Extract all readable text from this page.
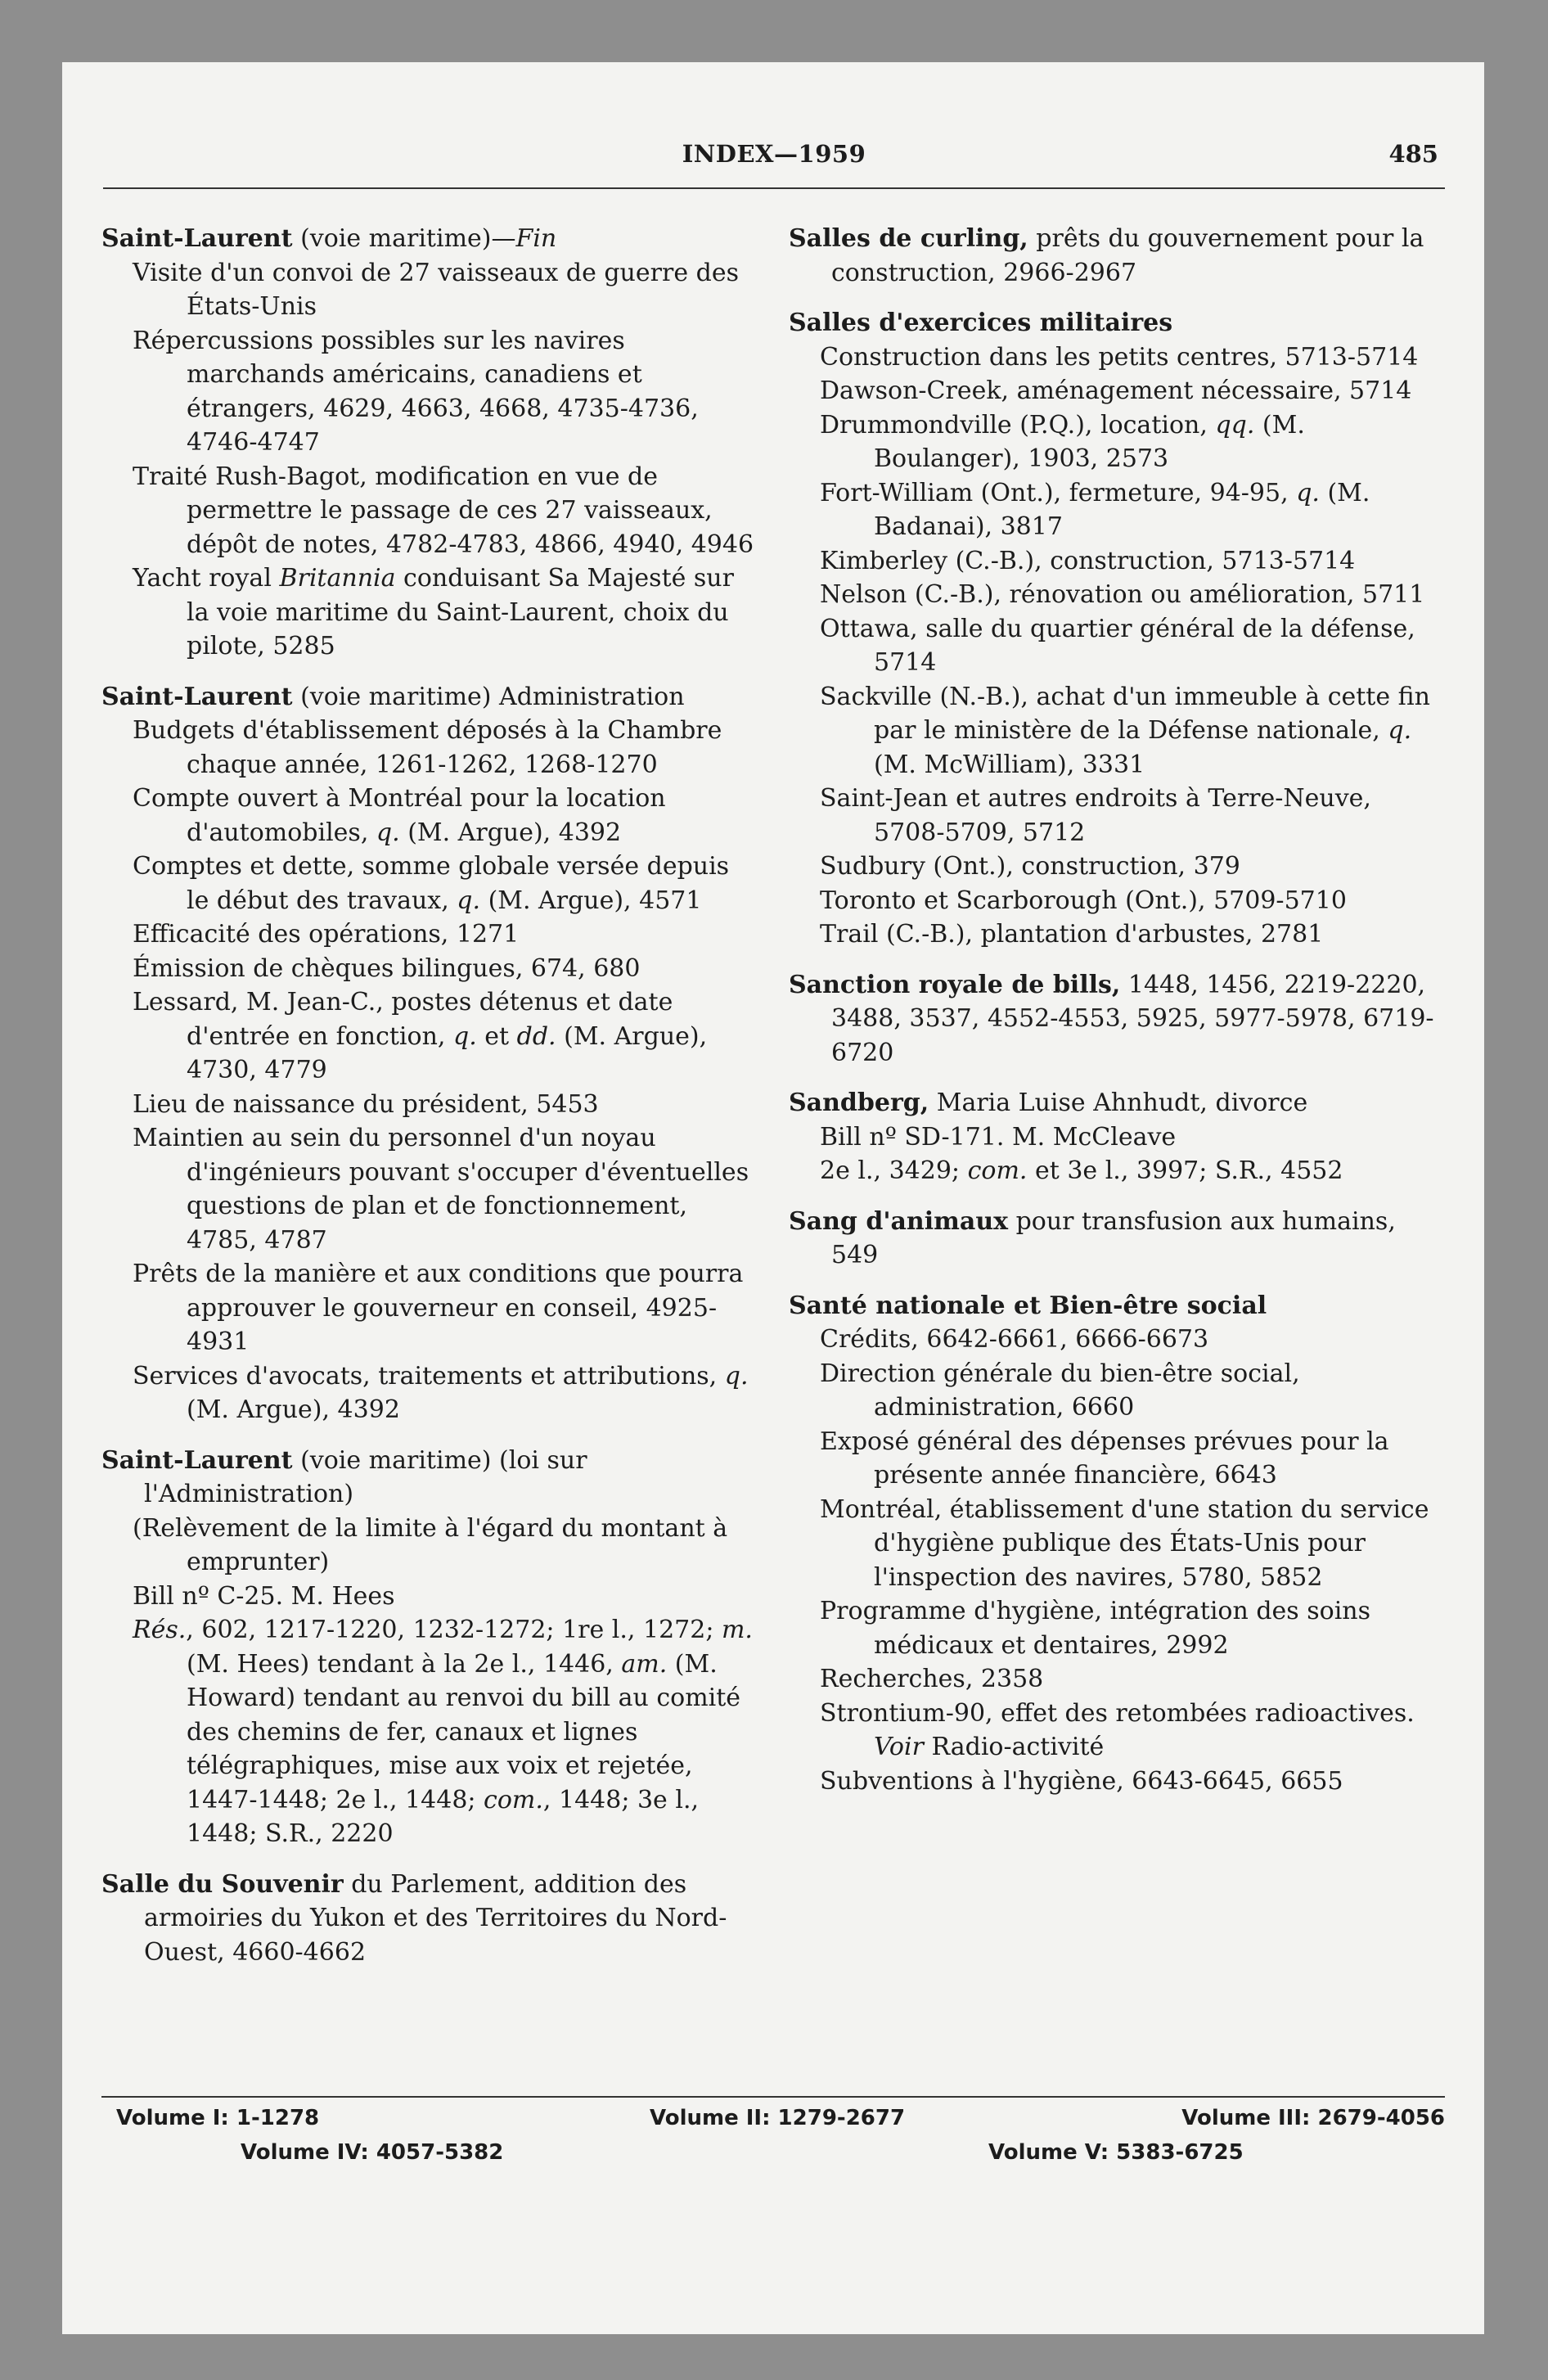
INDEX—1959	485

Saint-Laurent (voie maritime)—Fin

Visite d'un convoi de 27 vaisseaux de guerre des États-Unis

Répercussions possibles sur les navires marchands américains, canadiens et étrangers, 4629, 4663, 4668, 4735-4736, 4746-4747

Traité Rush-Bagot, modification en vue de permettre le passage de ces 27 vaisseaux, dépôt de notes, 4782-4783, 4866, 4940, 4946

Yacht royal Britannia conduisant Sa Majesté sur la voie maritime du Saint-Laurent, choix du pilote, 5285

Saint-Laurent (voie maritime) Administration

Budgets d'établissement déposés à la Chambre chaque année, 1261-1262, 1268-1270

Compte ouvert à Montréal pour la location d'automobiles, q. (M. Argue), 4392

Comptes et dette, somme globale versée depuis le début des travaux, q. (M. Argue), 4571

Efficacité des opérations, 1271

Émission de chèques bilingues, 674, 680

Lessard, M. Jean-C., postes détenus et date d'entrée en fonction, q. et dd. (M. Argue), 4730, 4779

Lieu de naissance du président, 5453

Maintien au sein du personnel d'un noyau d'ingénieurs pouvant s'occuper d'éventuelles questions de plan et de fonctionnement, 4785, 4787

Prêts de la manière et aux conditions que pourra approuver le gouverneur en conseil, 4925-4931

Services d'avocats, traitements et attributions, q. (M. Argue), 4392

Saint-Laurent (voie maritime) (loi sur l'Administration)

(Relèvement de la limite à l'égard du montant à emprunter)

Bill nº C-25. M. Hees

Rés., 602, 1217-1220, 1232-1272; 1re l., 1272; m. (M. Hees) tendant à la 2e l., 1446, am. (M. Howard) tendant au renvoi du bill au comité des chemins de fer, canaux et lignes télégraphiques, mise aux voix et rejetée, 1447-1448; 2e l., 1448; com., 1448; 3e l., 1448; S.R., 2220

Salle du Souvenir du Parlement, addition des armoiries du Yukon et des Territoires du Nord-Ouest, 4660-4662

Salles de curling, prêts du gouvernement pour la construction, 2966-2967

Salles d'exercices militaires

Construction dans les petits centres, 5713-5714

Dawson-Creek, aménagement nécessaire, 5714

Drummondville (P.Q.), location, qq. (M. Boulanger), 1903, 2573

Fort-William (Ont.), fermeture, 94-95, q. (M. Badanai), 3817

Kimberley (C.-B.), construction, 5713-5714

Nelson (C.-B.), rénovation ou amélioration, 5711

Ottawa, salle du quartier général de la défense, 5714

Sackville (N.-B.), achat d'un immeuble à cette fin par le ministère de la Défense nationale, q. (M. McWilliam), 3331

Saint-Jean et autres endroits à Terre-Neuve, 5708-5709, 5712

Sudbury (Ont.), construction, 379

Toronto et Scarborough (Ont.), 5709-5710

Trail (C.-B.), plantation d'arbustes, 2781

Sanction royale de bills, 1448, 1456, 2219-2220, 3488, 3537, 4552-4553, 5925, 5977-5978, 6719-6720

Sandberg, Maria Luise Ahnhudt, divorce

Bill nº SD-171. M. McCleave

2e l., 3429; com. et 3e l., 3997; S.R., 4552

Sang d'animaux pour transfusion aux humains, 549

Santé nationale et Bien-être social

Crédits, 6642-6661, 6666-6673

Direction générale du bien-être social, administration, 6660

Exposé général des dépenses prévues pour la présente année financière, 6643

Montréal, établissement d'une station du service d'hygiène publique des États-Unis pour l'inspection des navires, 5780, 5852

Programme d'hygiène, intégration des soins médicaux et dentaires, 2992

Recherches, 2358

Strontium-90, effet des retombées radioactives. Voir Radio-activité

Subventions à l'hygiène, 6643-6645, 6655

Volume I: 1-1278	Volume II: 1279-2677	Volume III: 2679-4056
Volume IV: 4057-5382	Volume V: 5383-6725
